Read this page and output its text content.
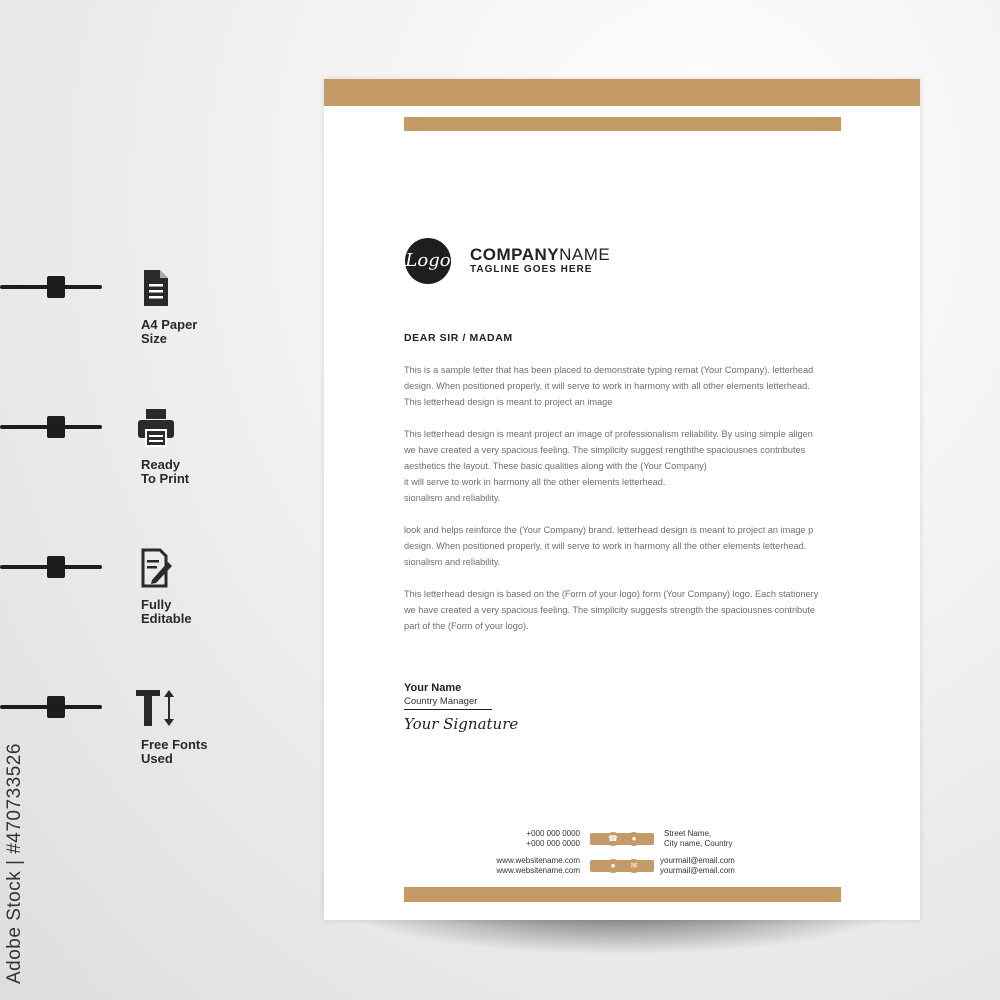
A4 Paper
Size
Ready
To Print
Fully
Editable
Free Fonts
Used
Adobe Stock | #470733526
Logo COMPANYNAME
TAGLINE GOES HERE
DEAR SIR / MADAM
This is a sample letter that has been placed to demonstrate typing remat (Your Company). letterhead
design. When positioned properly, it will serve to work in harmony with all other elements letterhead.
This letterhead design is meant to project an image
This letterhead design is meant project an image of professionalism reliability. By using simple aligen
we have created a very spacious feeling. The simplicity suggest rengththe spaciousnes contributes
aesthetics the layout. These basic qualities along with the (Your Company)
it will serve to work in harmony all the other elements letterhead.
sionalism and reliability.
look and helps reinforce the (Your Company) brand. letterhead design is meant to project an image p
design. When positioned properly, it will serve to work in harmony all the other elements letterhead.
sionalism and reliability.
This letterhead design is based on the (Form of your logo) form (Your Company) logo. Each stationery
we have created a very spacious feeling. The simplicity suggests strength the spaciousnes contribute
part of the (Form of your logo).
Your Name
Country Manager
Your Signature
+000 000 0000
+000 000 0000
www.websitename.com
www.websitename.com
☎	●
●	✉
Street Name,
City name, Country
yourmail@email.com
yourmail@email.com
